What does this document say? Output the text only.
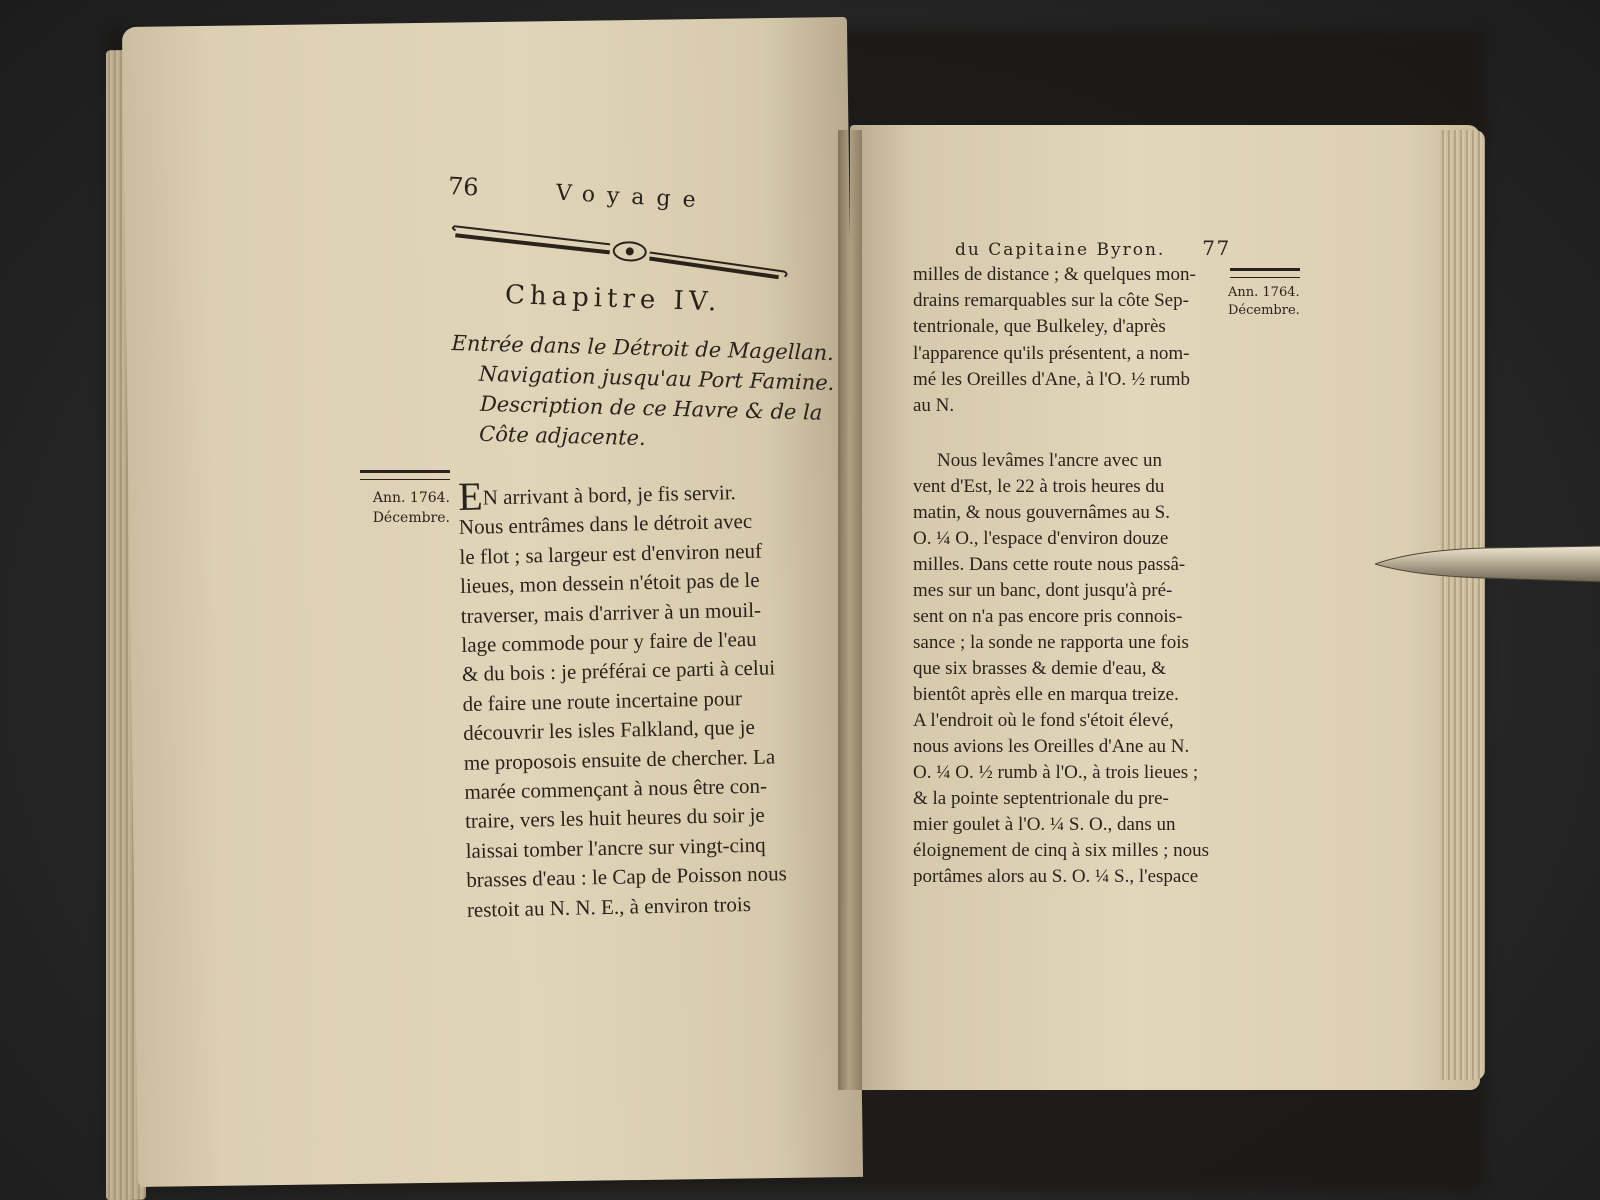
76	Voyage
Chapitre IV.
Entrée dans le Détroit de Magellan.
Navigation jusqu'au Port Famine.
Description de ce Havre & de la
Côte adjacente.
Ann. 1764.
Décembre. EN arrivant à bord, je fis servir.
Nous entrâmes dans le détroit avec
le flot ; sa largeur est d'environ neuf
lieues, mon dessein n'étoit pas de le
traverser, mais d'arriver à un mouil-
lage commode pour y faire de l'eau
& du bois : je préférai ce parti à celui
de faire une route incertaine pour
découvrir les isles Falkland, que je
me proposois ensuite de chercher. La
marée commençant à nous être con-
traire, vers les huit heures du soir je
laissai tomber l'ancre sur vingt-cinq
brasses d'eau : le Cap de Poisson nous
restoit au N. N. E., à environ trois
du Capitaine Byron. 77
Ann. 1764.
Décembre.
milles de distance ; & quelques mon-
drains remarquables sur la côte Sep-
tentrionale, que Bulkeley, d'après
l'apparence qu'ils présentent, a nom-
mé les Oreilles d'Ane, à l'O. ½ rumb
au N.
Nous levâmes l'ancre avec un
vent d'Est, le 22 à trois heures du
matin, & nous gouvernâmes au S.
O. ¼ O., l'espace d'environ douze
milles. Dans cette route nous passâ-
mes sur un banc, dont jusqu'à pré-
sent on n'a pas encore pris connois-
sance ; la sonde ne rapporta une fois
que six brasses & demie d'eau, &
bientôt après elle en marqua treize.
A l'endroit où le fond s'étoit élevé,
nous avions les Oreilles d'Ane au N.
O. ¼ O. ½ rumb à l'O., à trois lieues ;
& la pointe septentrionale du pre-
mier goulet à l'O. ¼ S. O., dans un
éloignement de cinq à six milles ; nous
portâmes alors au S. O. ¼ S., l'espace
